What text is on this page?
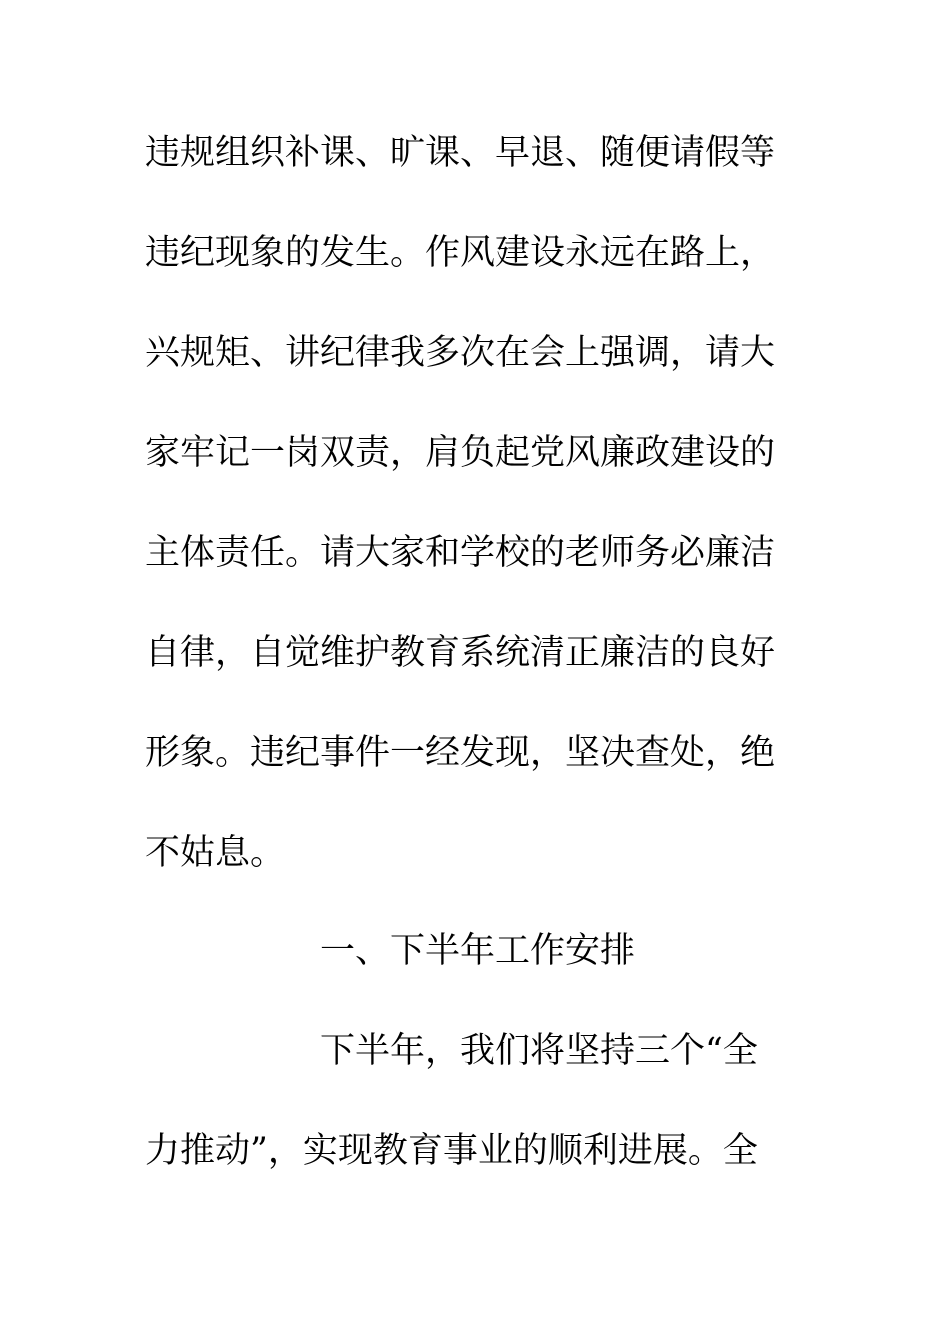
违规组织补课、旷课、早退、随便请假等
违纪现象的发生。作风建设永远在路上，
兴规矩、讲纪律我多次在会上强调，请大
家牢记一岗双责，肩负起党风廉政建设的
主体责任。请大家和学校的老师务必廉洁
自律，自觉维护教育系统清正廉洁的良好
形象。违纪事件一经发现，坚决查处，绝
不姑息。
一、下半年工作安排
下半年，我们将坚持三个“全
力推动”，实现教育事业的顺利进展。全
